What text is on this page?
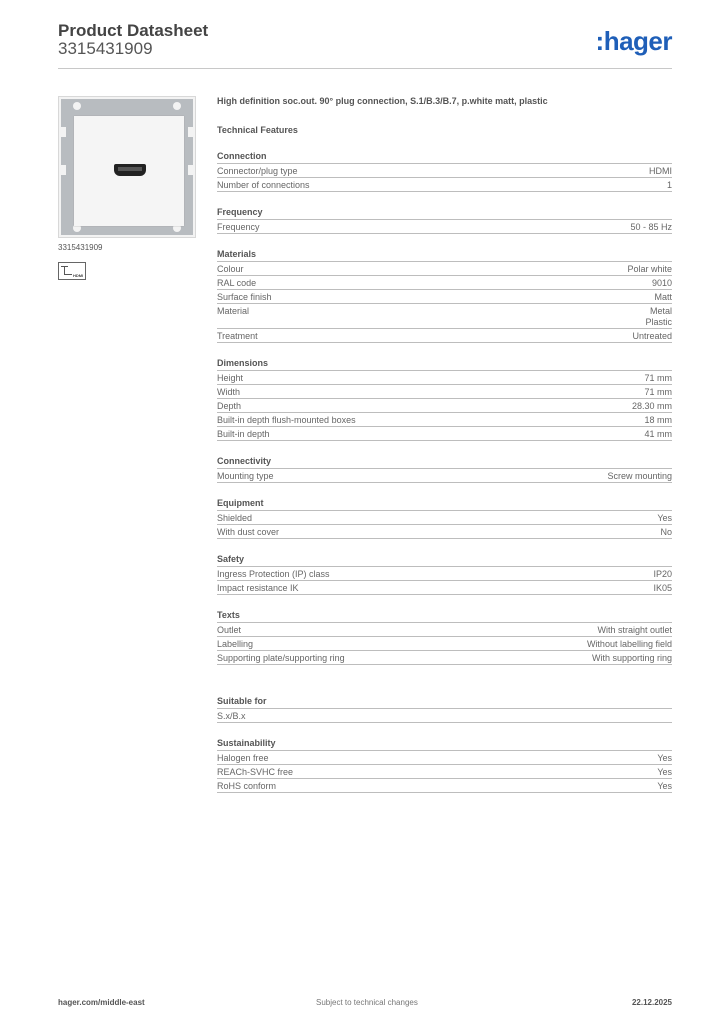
Product Datasheet
3315431909	:hager
3315431909
HDMI
High definition soc.out. 90° plug connection, S.1/B.3/B.7, p.white matt, plastic
Technical Features
Connection
Connector/plug type	HDMI
Number of connections	1
Frequency
Frequency	50 - 85 Hz
Materials
Colour	Polar white
RAL code	9010
Surface finish	Matt
Material	Metal
Plastic
Treatment	Untreated
Dimensions
Height	71 mm
Width	71 mm
Depth	28.30 mm
Built-in depth flush-mounted boxes	18 mm
Built-in depth	41 mm
Connectivity
Mounting type	Screw mounting
Equipment
Shielded	Yes
With dust cover	No
Safety
Ingress Protection (IP) class	IP20
Impact resistance IK	IK05
Texts
Outlet	With straight outlet
Labelling	Without labelling field
Supporting plate/supporting ring	With supporting ring
Suitable for
S.x/B.x
Sustainability
Halogen free	Yes
REACh-SVHC free	Yes
RoHS conform	Yes
hager.com/middle-east	Subject to technical changes	22.12.2025
